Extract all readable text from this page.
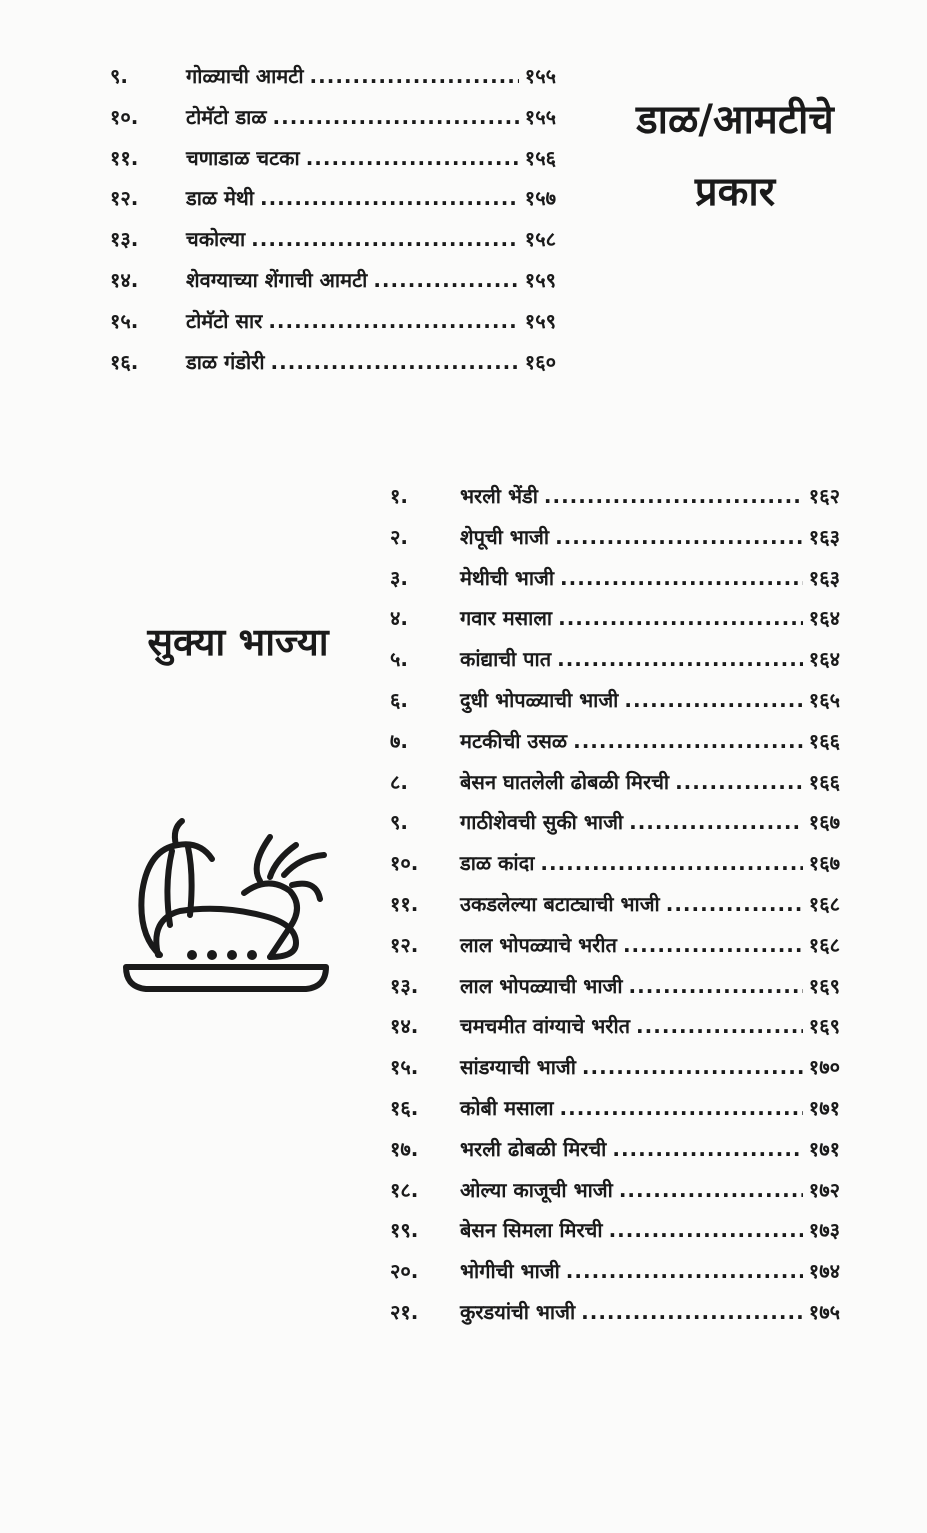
डाळ/आमटीचे
प्रकार
९.	गोळ्याची आमटी .....	१५५
१०.	टोमॅटो डाळ .....	१५५
११.	चणाडाळ चटका .....	१५६
१२.	डाळ मेथी .....	१५७
१३.	चकोल्या .....	१५८
१४.	शेवग्याच्या शेंगाची आमटी .....	१५९
१५.	टोमॅटो सार .....	१५९
१६.	डाळ गंडोरी .....	१६०
सुक्या भाज्या
१.	भरली भेंडी .....	१६२
२.	शेपूची भाजी .....	१६३
३.	मेथीची भाजी .....	१६३
४.	गवार मसाला .....	१६४
५.	कांद्याची पात .....	१६४
६.	दुधी भोपळ्याची भाजी .....	१६५
७.	मटकीची उसळ .....	१६६
८.	बेसन घातलेली ढोबळी मिरची .....	१६६
९.	गाठीशेवची सुकी भाजी .....	१६७
१०.	डाळ कांदा .....	१६७
११.	उकडलेल्या बटाट्याची भाजी .....	१६८
१२.	लाल भोपळ्याचे भरीत .....	१६८
१३.	लाल भोपळ्याची भाजी .....	१६९
१४.	चमचमीत वांग्याचे भरीत .....	१६९
१५.	सांडग्याची भाजी .....	१७०
१६.	कोबी मसाला .....	१७१
१७.	भरली ढोबळी मिरची .....	१७१
१८.	ओल्या काजूची भाजी .....	१७२
१९.	बेसन सिमला मिरची .....	१७३
२०.	भोगीची भाजी .....	१७४
२१.	कुरडयांची भाजी .....	१७५
